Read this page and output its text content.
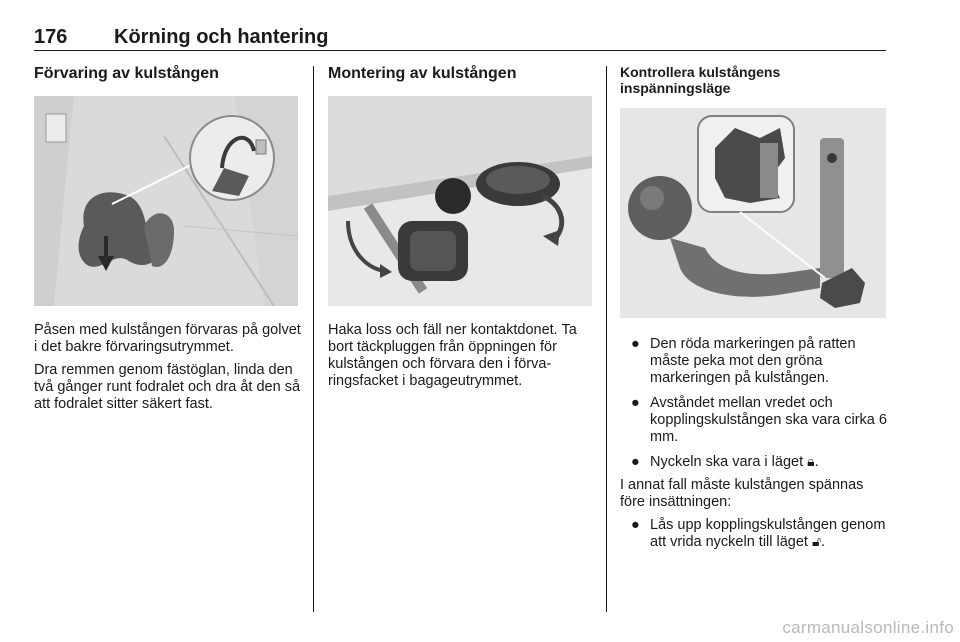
176 Körning och hantering
Förvaring av kulstången

Påsen med kulstången förvaras på golvet i det bakre förvaringsutrymmet.

Dra remmen genom fästöglan, linda den två gånger runt fodralet och dra åt den så att fodralet sitter säkert fast.

Montering av kulstången

Haka loss och fäll ner kontaktdonet. Ta bort täckpluggen från öppningen för kulstången och förvara den i förva-ringsfacket i bagageutrymmet.

Kontrollera kulstångens inspänningsläge
● Den röda markeringen på ratten måste peka mot den gröna markeringen på kulstången.
● Avståndet mellan vredet och kopplingskulstången ska vara cirka 6 mm.
● Nyckeln ska vara i läget 🔒︎.

I annat fall måste kulstången spännas före insättningen:

● Lås upp kopplingskulstången genom att vrida nyckeln till läget 🔓︎.
carmanualsonline.info
